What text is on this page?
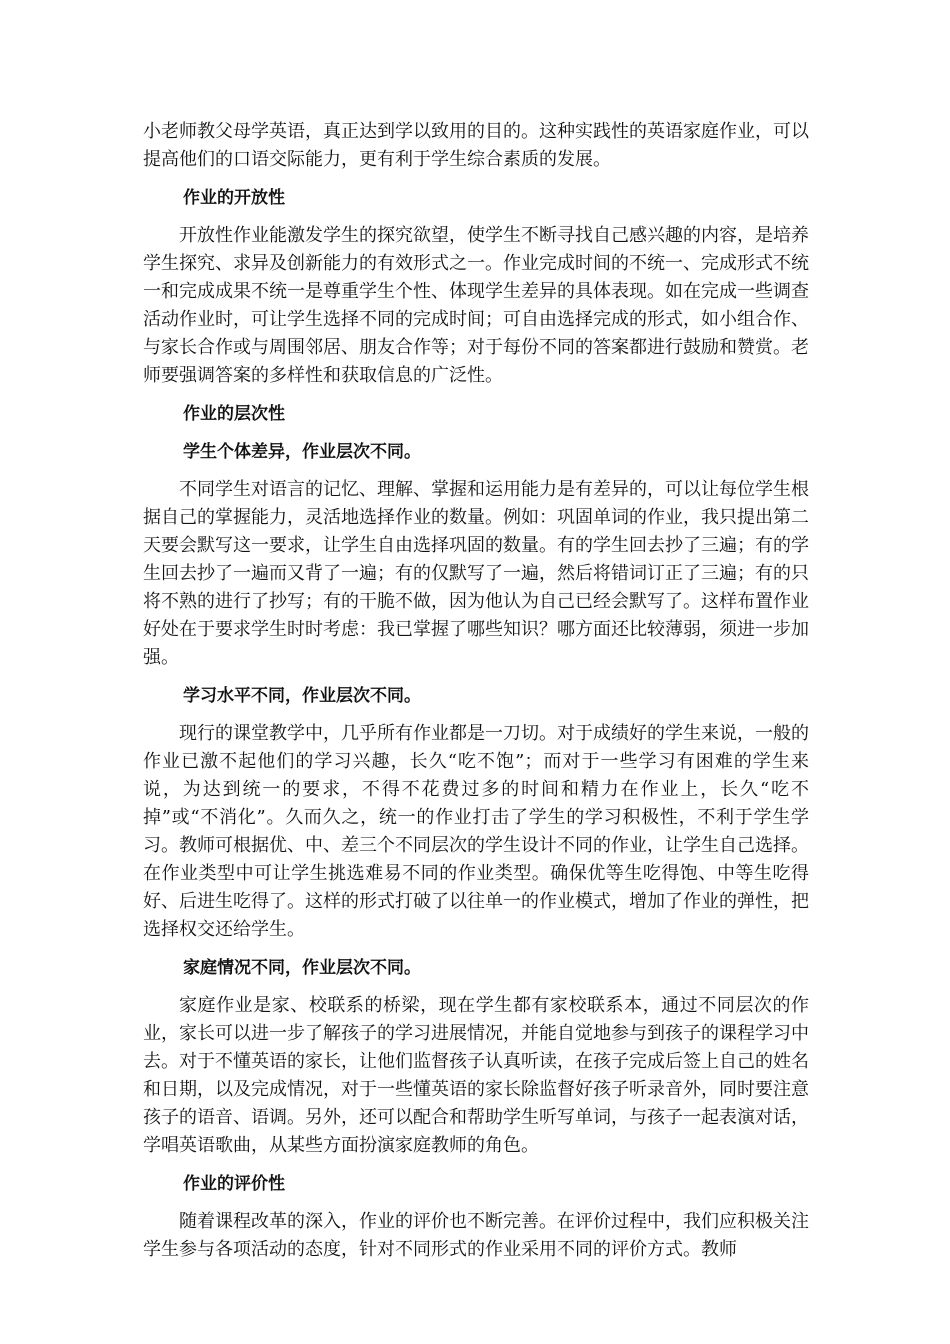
小老师教父母学英语，真正达到学以致用的目的。这种实践性的英语家庭作业，可以提高他们的口语交际能力，更有利于学生综合素质的发展。

作业的开放性

开放性作业能激发学生的探究欲望，使学生不断寻找自己感兴趣的内容，是培养学生探究、求异及创新能力的有效形式之一。作业完成时间的不统一、完成形式不统一和完成成果不统一是尊重学生个性、体现学生差异的具体表现。如在完成一些调查活动作业时，可让学生选择不同的完成时间；可自由选择完成的形式，如小组合作、与家长合作或与周围邻居、朋友合作等；对于每份不同的答案都进行鼓励和赞赏。老师要强调答案的多样性和获取信息的广泛性。

作业的层次性

学生个体差异，作业层次不同。

不同学生对语言的记忆、理解、掌握和运用能力是有差异的，可以让每位学生根据自己的掌握能力，灵活地选择作业的数量。例如：巩固单词的作业，我只提出第二天要会默写这一要求，让学生自由选择巩固的数量。有的学生回去抄了三遍；有的学生回去抄了一遍而又背了一遍；有的仅默写了一遍，然后将错词订正了三遍；有的只将不熟的进行了抄写；有的干脆不做，因为他认为自己已经会默写了。这样布置作业好处在于要求学生时时考虑：我已掌握了哪些知识？哪方面还比较薄弱，须进一步加强。

学习水平不同，作业层次不同。

现行的课堂教学中，几乎所有作业都是一刀切。对于成绩好的学生来说，一般的作业已激不起他们的学习兴趣，长久“吃不饱”；而对于一些学习有困难的学生来说，为达到统一的要求，不得不花费过多的时间和精力在作业上，长久“吃不掉”或“不消化”。久而久之，统一的作业打击了学生的学习积极性，不利于学生学习。教师可根据优、中、差三个不同层次的学生设计不同的作业，让学生自己选择。在作业类型中可让学生挑选难易不同的作业类型。确保优等生吃得饱、中等生吃得好、后进生吃得了。这样的形式打破了以往单一的作业模式，增加了作业的弹性，把选择权交还给学生。

家庭情况不同，作业层次不同。

家庭作业是家、校联系的桥梁，现在学生都有家校联系本，通过不同层次的作业，家长可以进一步了解孩子的学习进展情况，并能自觉地参与到孩子的课程学习中去。对于不懂英语的家长，让他们监督孩子认真听读，在孩子完成后签上自己的姓名和日期，以及完成情况，对于一些懂英语的家长除监督好孩子听录音外，同时要注意孩子的语音、语调。另外，还可以配合和帮助学生听写单词，与孩子一起表演对话，学唱英语歌曲，从某些方面扮演家庭教师的角色。

作业的评价性

随着课程改革的深入，作业的评价也不断完善。在评价过程中，我们应积极关注学生参与各项活动的态度，针对不同形式的作业采用不同的评价方式。教师
